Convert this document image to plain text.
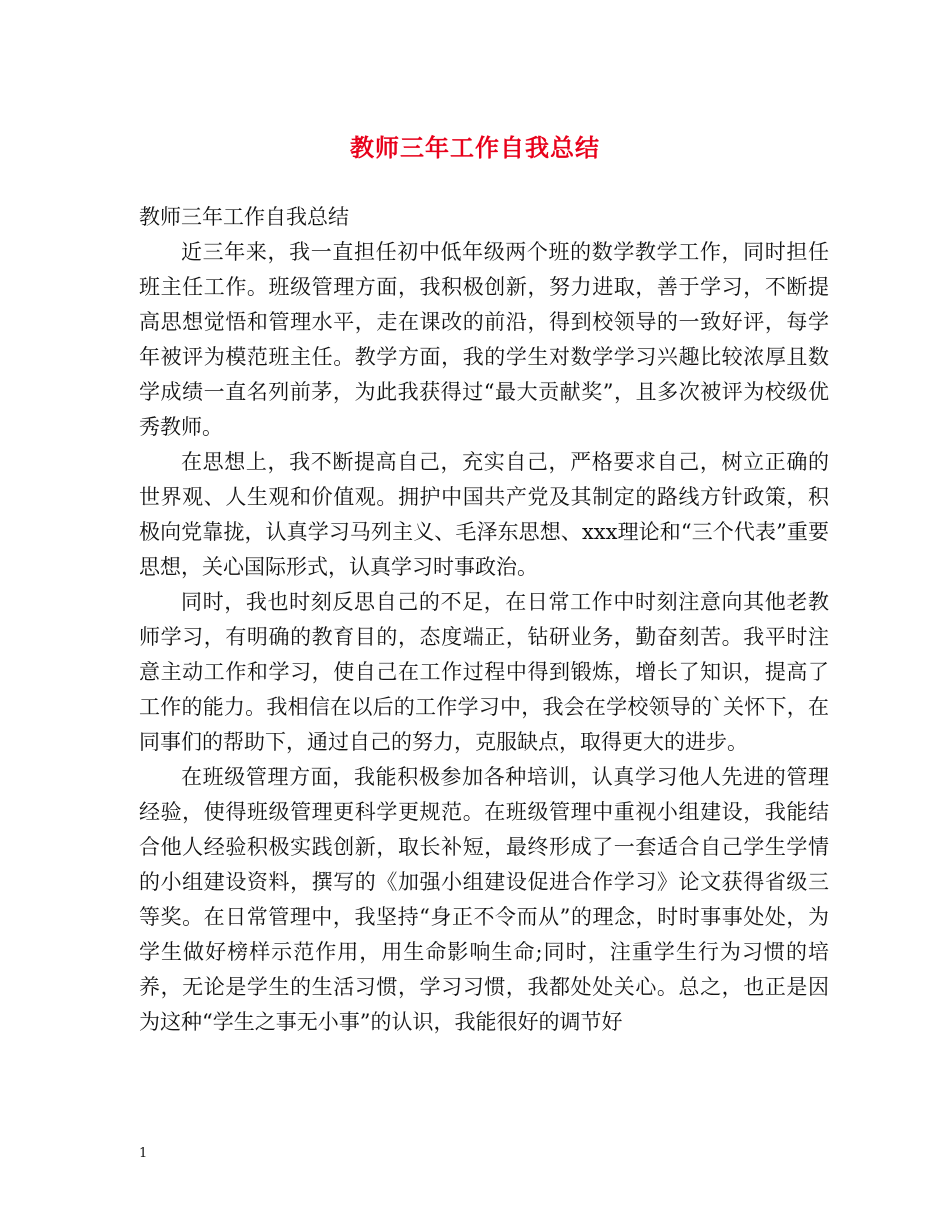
教师三年工作自我总结

教师三年工作自我总结

近三年来，我一直担任初中低年级两个班的数学教学工作，同时担任班主任工作。班级管理方面，我积极创新，努力进取，善于学习，不断提高思想觉悟和管理水平，走在课改的前沿，得到校领导的一致好评，每学年被评为模范班主任。教学方面，我的学生对数学学习兴趣比较浓厚且数学成绩一直名列前茅，为此我获得过“最大贡献奖”，且多次被评为校级优秀教师。

在思想上，我不断提高自己，充实自己，严格要求自己，树立正确的世界观、人生观和价值观。拥护中国共产党及其制定的路线方针政策，积极向党靠拢，认真学习马列主义、毛泽东思想、xxx理论和“三个代表”重要思想，关心国际形式，认真学习时事政治。

同时，我也时刻反思自己的不足，在日常工作中时刻注意向其他老教师学习，有明确的教育目的，态度端正，钻研业务，勤奋刻苦。我平时注意主动工作和学习，使自己在工作过程中得到锻炼，增长了知识，提高了工作的能力。我相信在以后的工作学习中，我会在学校领导的`关怀下，在同事们的帮助下，通过自己的努力，克服缺点，取得更大的进步。

在班级管理方面，我能积极参加各种培训，认真学习他人先进的管理经验，使得班级管理更科学更规范。在班级管理中重视小组建设，我能结合他人经验积极实践创新，取长补短，最终形成了一套适合自己学生学情的小组建设资料，撰写的《加强小组建设促进合作学习》论文获得省级三等奖。在日常管理中，我坚持“身正不令而从”的理念，时时事事处处，为学生做好榜样示范作用，用生命影响生命;同时，注重学生行为习惯的培养，无论是学生的生活习惯，学习习惯，我都处处关心。总之，也正是因为这种“学生之事无小事”的认识，我能很好的调节好

1
